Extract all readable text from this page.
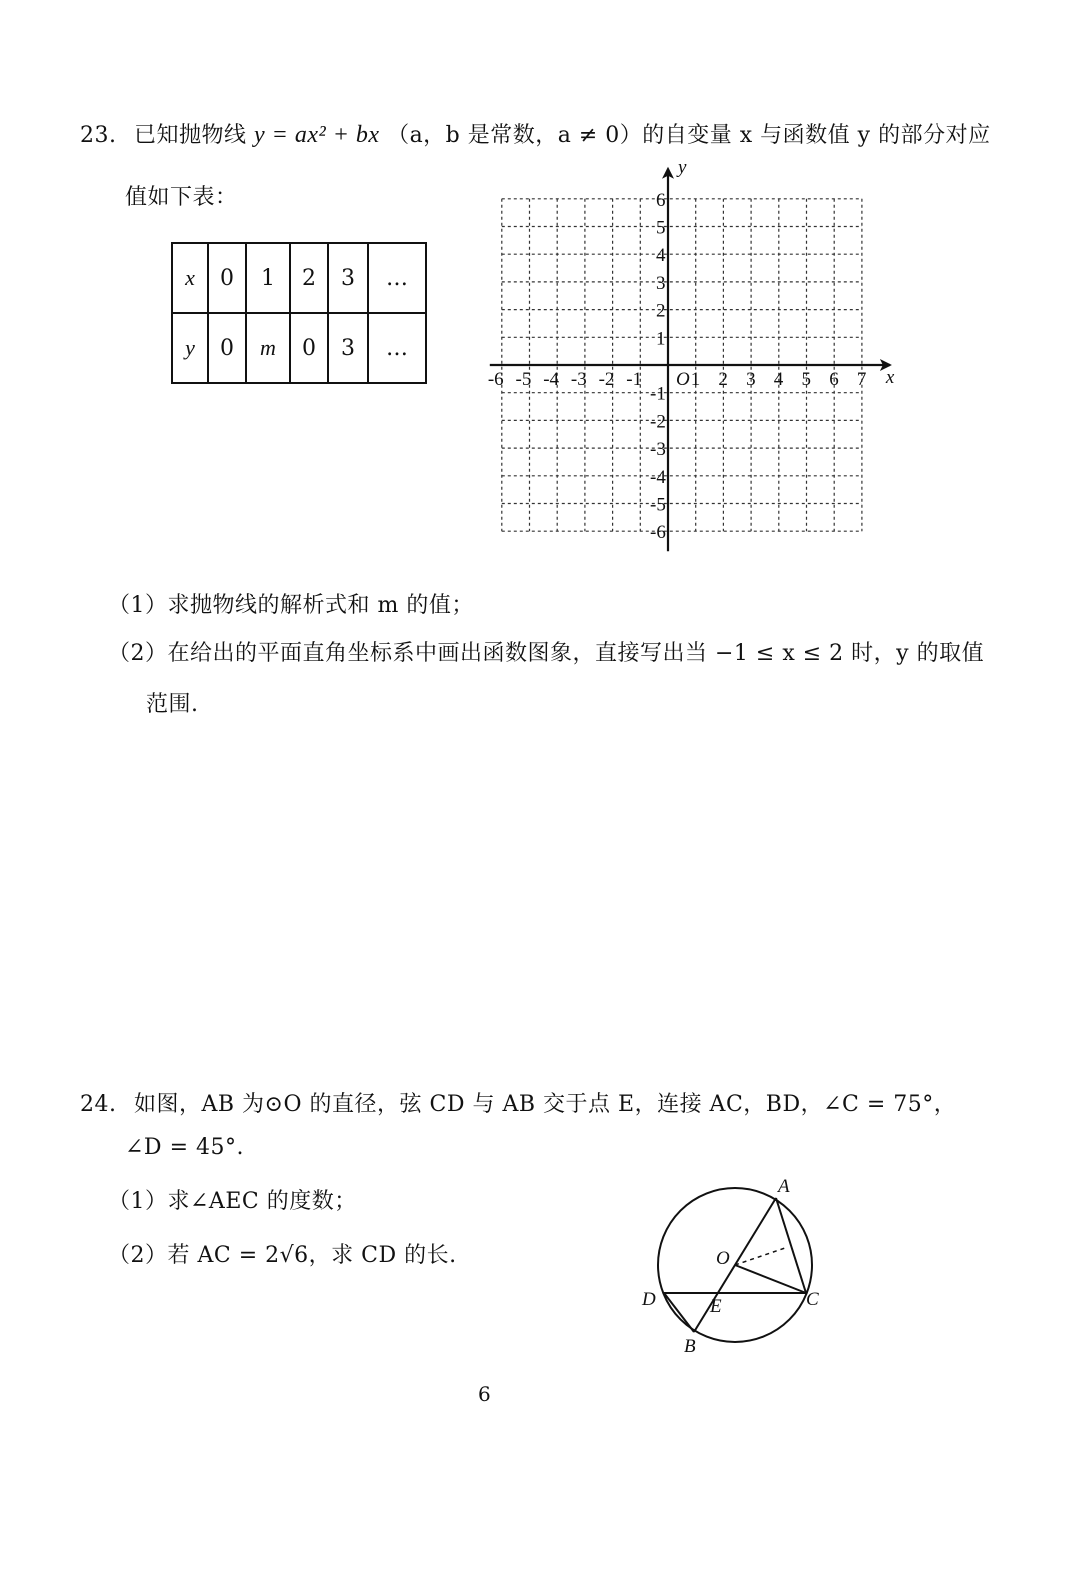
23. 已知抛物线 y = ax² + bx （a，b 是常数，a ≠ 0）的自变量 x 与函数值 y 的部分对应
值如下表：
x	0	1	2	3	…
y	0	m	0	3	…
-6 -5 -4 -3 -2 -1	1 2 3 4 5 6 7
6
5
4
3
2
1
-1
-2
-3
-4
-5
-6
O	x
y
（1）求抛物线的解析式和 m 的值；
（2）在给出的平面直角坐标系中画出函数图象，直接写出当 −1 ≤ x ≤ 2 时，y 的取值
范围.
24. 如图，AB 为⊙O 的直径，弦 CD 与 AB 交于点 E，连接 AC，BD，∠C = 75°，
∠D = 45°.
（1）求∠AEC 的度数；
（2）若 AC = 2√6，求 CD 的长.
A
O
D	E	C
B
6
